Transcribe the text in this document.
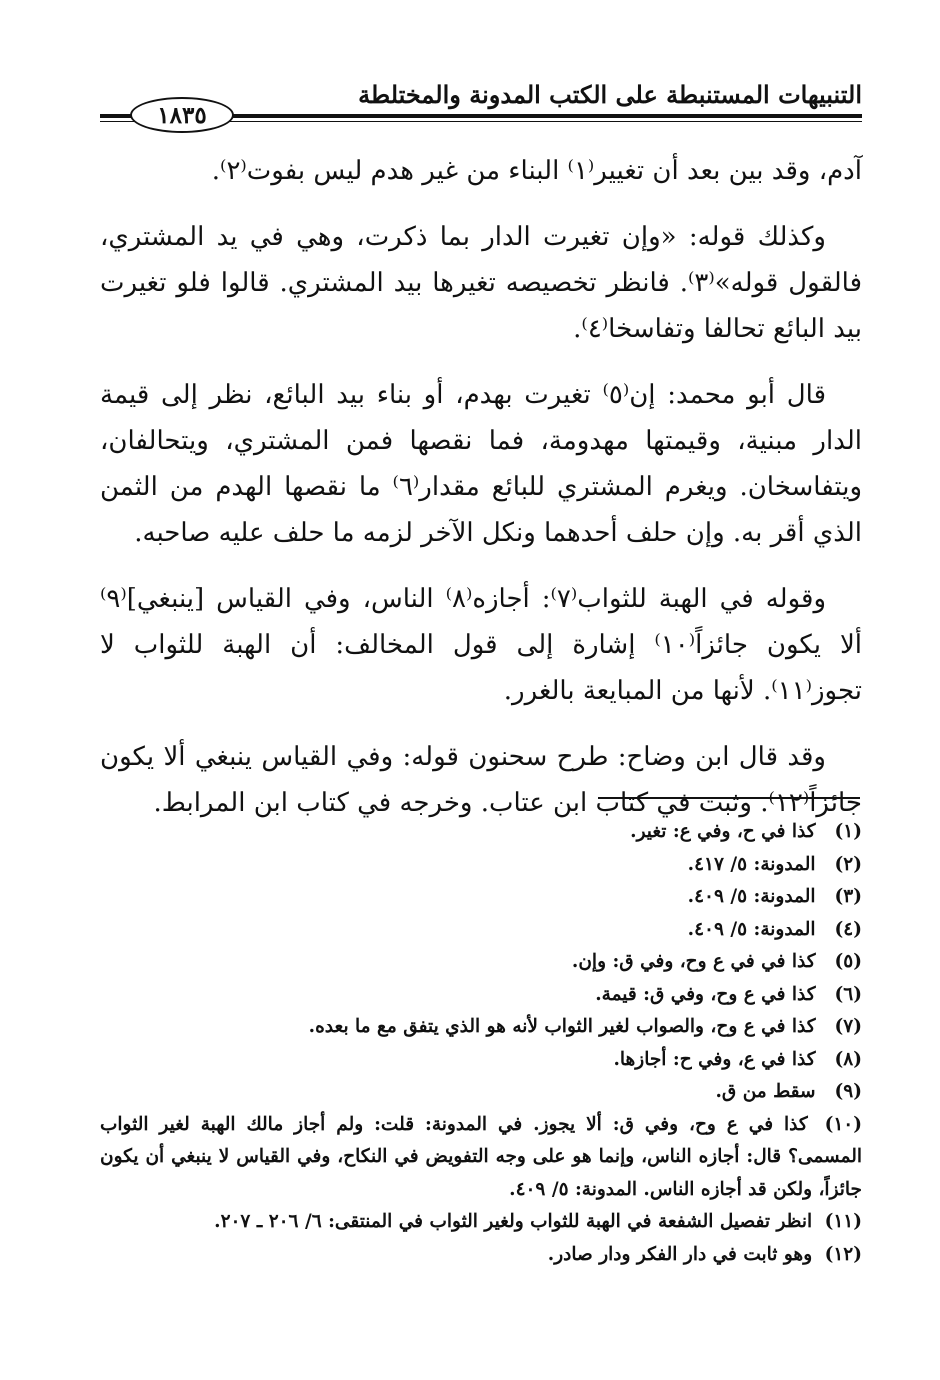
التنبيهات المستنبطة على الكتب المدونة والمختلطة
١٨٣٥

آدم، وقد بين بعد أن تغيير⁽١⁾ البناء من غير هدم ليس بفوت⁽٢⁾.

وكذلك قوله: «وإن تغيرت الدار بما ذكرت، وهي في يد المشتري، فالقول قوله»⁽٣⁾. فانظر تخصيصه تغيرها بيد المشتري. قالوا فلو تغيرت بيد البائع تحالفا وتفاسخا⁽٤⁾.

قال أبو محمد: إن⁽٥⁾ تغيرت بهدم، أو بناء بيد البائع، نظر إلى قيمة الدار مبنية، وقيمتها مهدومة، فما نقصها فمن المشتري، ويتحالفان، ويتفاسخان. ويغرم المشتري للبائع مقدار⁽٦⁾ ما نقصها الهدم من الثمن الذي أقر به. وإن حلف أحدهما ونكل الآخر لزمه ما حلف عليه صاحبه.

وقوله في الهبة للثواب⁽٧⁾: أجازه⁽٨⁾ الناس، وفي القياس [ينبغي]⁽٩⁾ ألا يكون جائزاً⁽١٠⁾ إشارة إلى قول المخالف: أن الهبة للثواب لا تجوز⁽١١⁾. لأنها من المبايعة بالغرر.

وقد قال ابن وضاح: طرح سحنون قوله: وفي القياس ينبغي ألا يكون جائزاً⁽١٢⁾. وثبت في كتاب ابن عتاب. وخرجه في كتاب ابن المرابط.

(١) كذا في ح، وفي ع: تغير.

(٢) المدونة: ٥/ ٤١٧.

(٣) المدونة: ٥/ ٤٠٩.

(٤) المدونة: ٥/ ٤٠٩.

(٥) كذا في في ع وح، وفي ق: وإن.

(٦) كذا في ع وح، وفي ق: قيمة.

(٧) كذا في ع وح، والصواب لغير الثواب لأنه هو الذي يتفق مع ما بعده.

(٨) كذا في ع، وفي ح: أجازها.

(٩) سقط من ق.

(١٠) كذا في ع وح، وفي ق: ألا يجوز. في المدونة: قلت: ولم أجاز مالك الهبة لغير الثواب المسمى؟ قال: أجازه الناس، وإنما هو على وجه التفويض في النكاح، وفي القياس لا ينبغي أن يكون جائزاً، ولكن قد أجازه الناس. المدونة: ٥/ ٤٠٩.

(١١) انظر تفصيل الشفعة في الهبة للثواب ولغير الثواب في المنتقى: ٦/ ٢٠٦ ـ ٢٠٧.

(١٢) وهو ثابت في دار الفكر ودار صادر.
